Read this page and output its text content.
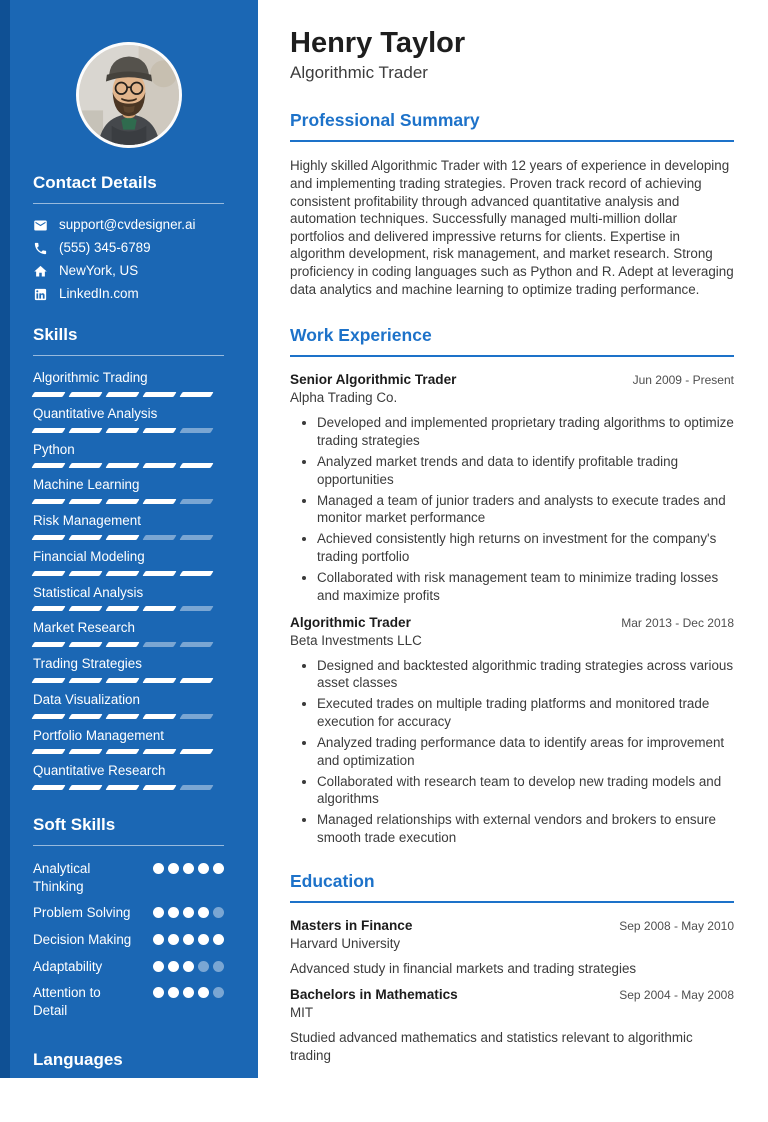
Contact Details
support@cvdesigner.ai
(555) 345-6789
NewYork, US
LinkedIn.com
Skills
Algorithmic Trading
Quantitative Analysis
Python
Machine Learning
Risk Management
Financial Modeling
Statistical Analysis
Market Research
Trading Strategies
Data Visualization
Portfolio Management
Quantitative Research
Soft Skills
Analytical Thinking
Problem Solving
Decision Making
Adaptability
Attention to Detail
Languages
English	Spanish
Henry Taylor
Algorithmic Trader
Professional Summary

Highly skilled Algorithmic Trader with 12 years of experience in developing and implementing trading strategies. Proven track record of achieving consistent profitability through advanced quantitative analysis and automation techniques. Successfully managed multi-million dollar portfolios and delivered impressive returns for clients. Expertise in algorithm development, risk management, and market research. Strong proficiency in coding languages such as Python and R. Adept at leveraging data analytics and machine learning to optimize trading performance.

Work Experience
Senior Algorithmic Trader	Jun 2009 - Present
Alpha Trading Co.
• Developed and implemented proprietary trading algorithms to optimize trading strategies
• Analyzed market trends and data to identify profitable trading opportunities
• Managed a team of junior traders and analysts to execute trades and monitor market performance
• Achieved consistently high returns on investment for the company's trading portfolio
• Collaborated with risk management team to minimize trading losses and maximize profits
Algorithmic Trader	Mar 2013 - Dec 2018
Beta Investments LLC
• Designed and backtested algorithmic trading strategies across various asset classes
• Executed trades on multiple trading platforms and monitored trade execution for accuracy
• Analyzed trading performance data to identify areas for improvement and optimization
• Collaborated with research team to develop new trading models and algorithms
• Managed relationships with external vendors and brokers to ensure smooth trade execution
Education
Masters in Finance	Sep 2008 - May 2010
Harvard University
Advanced study in financial markets and trading strategies
Bachelors in Mathematics	Sep 2004 - May 2008
MIT
Studied advanced mathematics and statistics relevant to algorithmic trading
